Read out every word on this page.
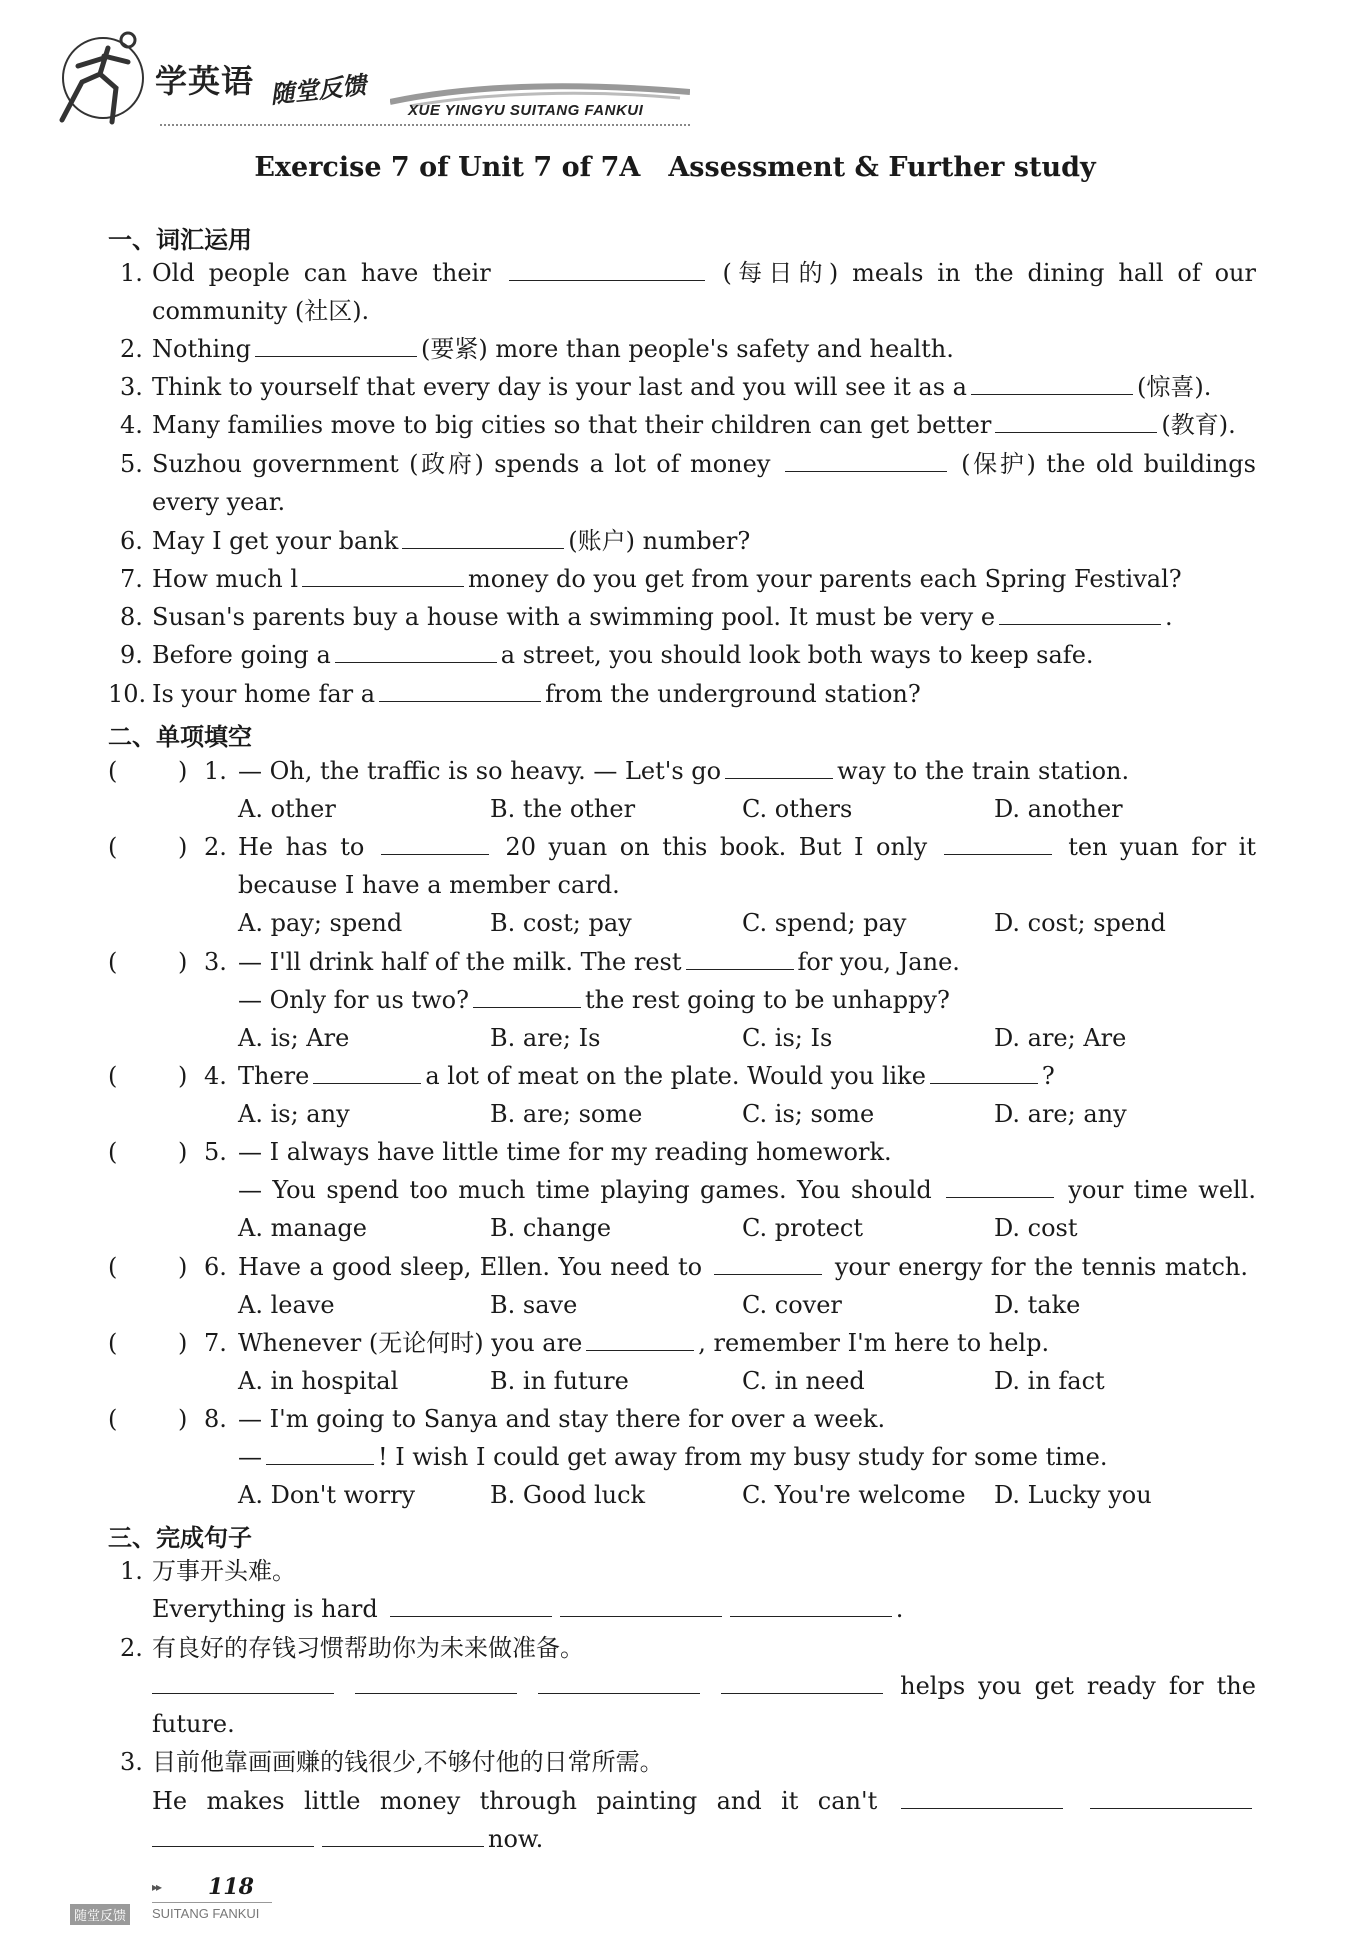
学英语 随堂反馈
XUE YINGYU SUITANG FANKUI
Exercise 7 of Unit 7 of 7A Assessment & Further study
一、词汇运用
1. Old people can have their	(每日的) meals in the dining hall of our
community (社区).
2. Nothing	(要紧) more than people's safety and health.
3. Think to yourself that every day is your last and you will see it as a	(惊喜).
4. Many families move to big cities so that their children can get better	(教育).
5. Suzhou government (政府) spends a lot of money	(保护) the old buildings
every year.
6. May I get your bank	(账户) number?
7. How much l	money do you get from your parents each Spring Festival?
8. Susan's parents buy a house with a swimming pool. It must be very e	.
9. Before going a	a street, you should look both ways to keep safe.
10. Is your home far a	from the underground station?
二、单项填空
(	) 1. — Oh, the traffic is so heavy. — Let's go	way to the train station.
A. other	B. the other	C. others	D. another
(	) 2. He has to	20 yuan on this book. But I only	ten yuan for it
because I have a member card.
A. pay; spend	B. cost; pay	C. spend; pay	D. cost; spend
(	) 3. — I'll drink half of the milk. The rest	for you, Jane.
— Only for us two?	the rest going to be unhappy?
A. is; Are	B. are; Is	C. is; Is	D. are; Are
(	) 4. There	a lot of meat on the plate. Would you like	?
A. is; any	B. are; some	C. is; some	D. are; any
(	) 5. — I always have little time for my reading homework.
— You spend too much time playing games. You should	your time well.
A. manage	B. change	C. protect	D. cost
(	) 6. Have a good sleep, Ellen. You need to	your energy for the tennis match.
A. leave	B. save	C. cover	D. take
(	) 7. Whenever (无论何时) you are	, remember I'm here to help.
A. in hospital	B. in future	C. in need	D. in fact
(	) 8. — I'm going to Sanya and stay there for over a week.
—	! I wish I could get away from my busy study for some time.
A. Don't worry	B. Good luck	C. You're welcome D. Lucky you
三、完成句子
1. 万事开头难。
Everything is hard	.
2. 有良好的存钱习惯帮助你为未来做准备。
helps you get ready for the
future.
3. 目前他靠画画赚的钱很少,不够付他的日常所需。
He makes little money through painting and it can't
now.
▸▸ 118
随堂反馈	SUITANG FANKUI
